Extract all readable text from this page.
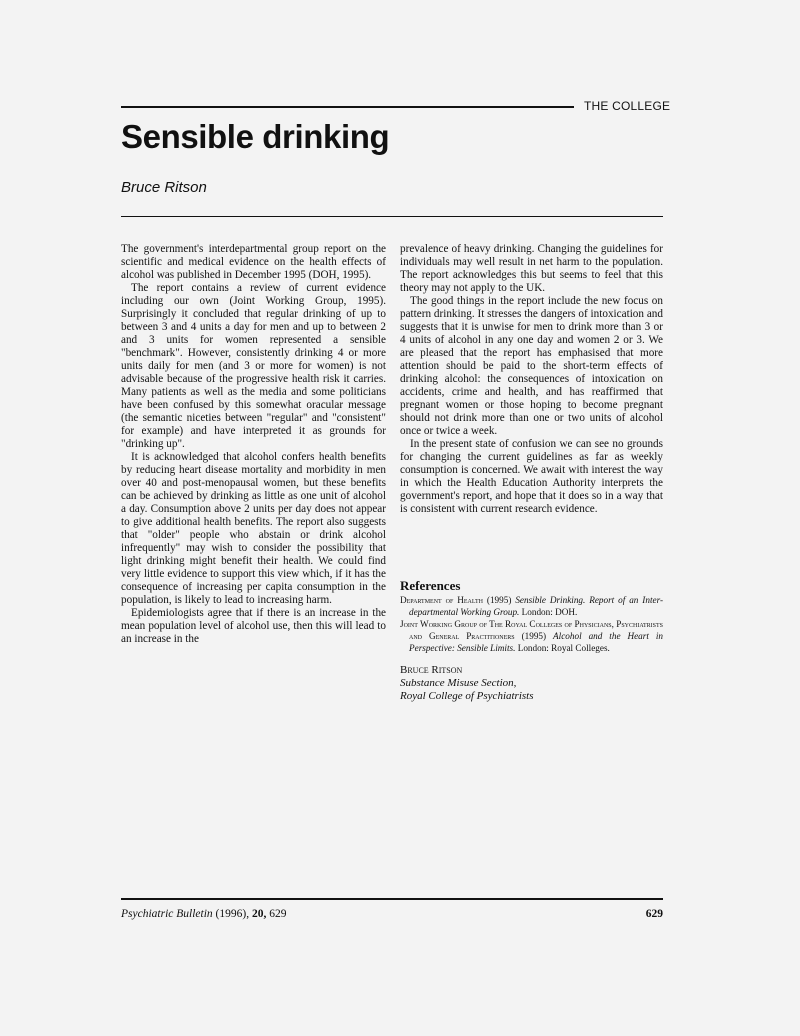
THE COLLEGE
Sensible drinking
Bruce Ritson

The government's interdepartmental group report on the scientific and medical evidence on the health effects of alcohol was published in December 1995 (DOH, 1995).

The report contains a review of current evidence including our own (Joint Working Group, 1995). Surprisingly it concluded that regular drinking of up to between 3 and 4 units a day for men and up to between 2 and 3 units for women represented a sensible "benchmark". However, consistently drinking 4 or more units daily for men (and 3 or more for women) is not advisable because of the progressive health risk it carries. Many patients as well as the media and some politicians have been confused by this somewhat oracular message (the semantic niceties between "regular" and "consistent" for example) and have interpreted it as grounds for "drinking up".

It is acknowledged that alcohol confers health benefits by reducing heart disease mortality and morbidity in men over 40 and post-menopausal women, but these benefits can be achieved by drinking as little as one unit of alcohol a day. Consumption above 2 units per day does not appear to give additional health benefits. The report also suggests that "older" people who abstain or drink alcohol infrequently" may wish to consider the possibility that light drinking might benefit their health. We could find very little evidence to support this view which, if it has the consequence of increasing per capita consumption in the population, is likely to lead to increasing harm.

Epidemiologists agree that if there is an increase in the mean population level of alcohol use, then this will lead to an increase in the

prevalence of heavy drinking. Changing the guidelines for individuals may well result in net harm to the population. The report acknowledges this but seems to feel that this theory may not apply to the UK.

The good things in the report include the new focus on pattern drinking. It stresses the dangers of intoxication and suggests that it is unwise for men to drink more than 3 or 4 units of alcohol in any one day and women 2 or 3. We are pleased that the report has emphasised that more attention should be paid to the short-term effects of drinking alcohol: the consequences of intoxication on accidents, crime and health, and has reaffirmed that pregnant women or those hoping to become pregnant should not drink more than one or two units of alcohol once or twice a week.

In the present state of confusion we can see no grounds for changing the current guidelines as far as weekly consumption is concerned. We await with interest the way in which the Health Education Authority interprets the government's report, and hope that it does so in a way that is consistent with current research evidence.

References

Department of Health (1995) Sensible Drinking. Report of an Inter-departmental Working Group. London: DOH.

Joint Working Group of The Royal Colleges of Physicians, Psychiatrists and General Practitioners (1995) Alcohol and the Heart in Perspective: Sensible Limits. London: Royal Colleges.

Bruce Ritson
Substance Misuse Section,
Royal College of Psychiatrists
Psychiatric Bulletin (1996), 20, 629	629
